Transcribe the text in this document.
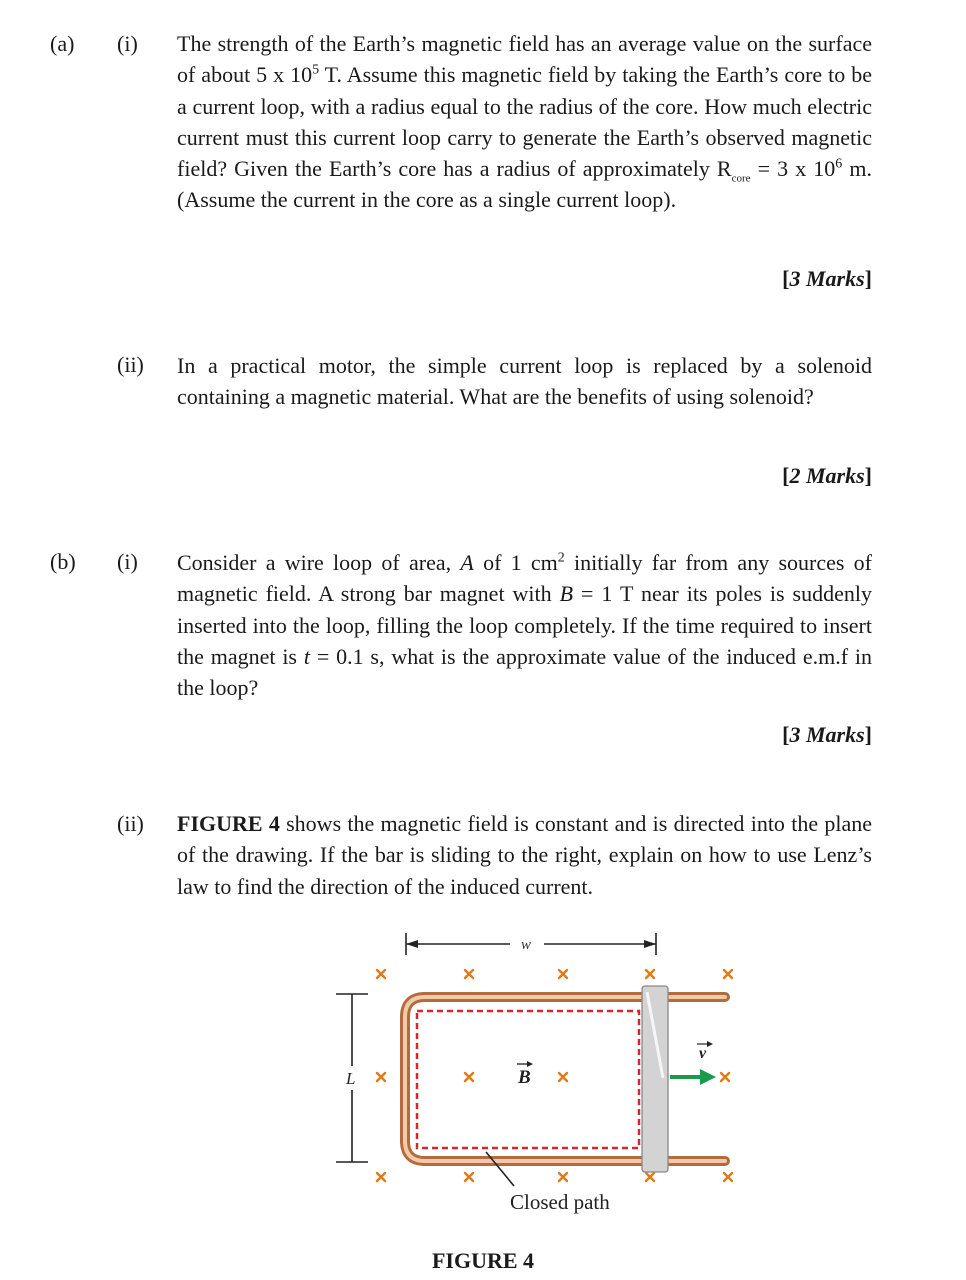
(a) (i) The strength of the Earth’s magnetic field has an average value on the surface of about 5 x $10^5$ T. Assume this magnetic field by taking the Earth’s core to be a current loop, with a radius equal to the radius of the core. How much electric current must this current loop carry to generate the Earth’s observed magnetic field? Given the Earth’s core has a radius of approximately $R_{core} = 3$ x $10^6$ m. (Assume the current in the core as a single current loop).
[3 Marks]
(ii) In a practical motor, the simple current loop is replaced by a solenoid containing a magnetic material. What are the benefits of using solenoid?
[2 Marks]
(b) (i) Consider a wire loop of area, A of 1 $cm^2$ initially far from any sources of magnetic field. A strong bar magnet with B = 1 T near its poles is suddenly inserted into the loop, filling the loop completely. If the time required to insert the magnet is t = 0.1 s, what is the approximate value of the induced e.m.f in the loop?
[3 Marks]
(ii) FIGURE 4 shows the magnetic field is constant and is directed into the plane of the drawing. If the bar is sliding to the right, explain on how to use Lenz’s law to find the direction of the induced current.
w
L
v
B
Closed path
FIGURE 4
